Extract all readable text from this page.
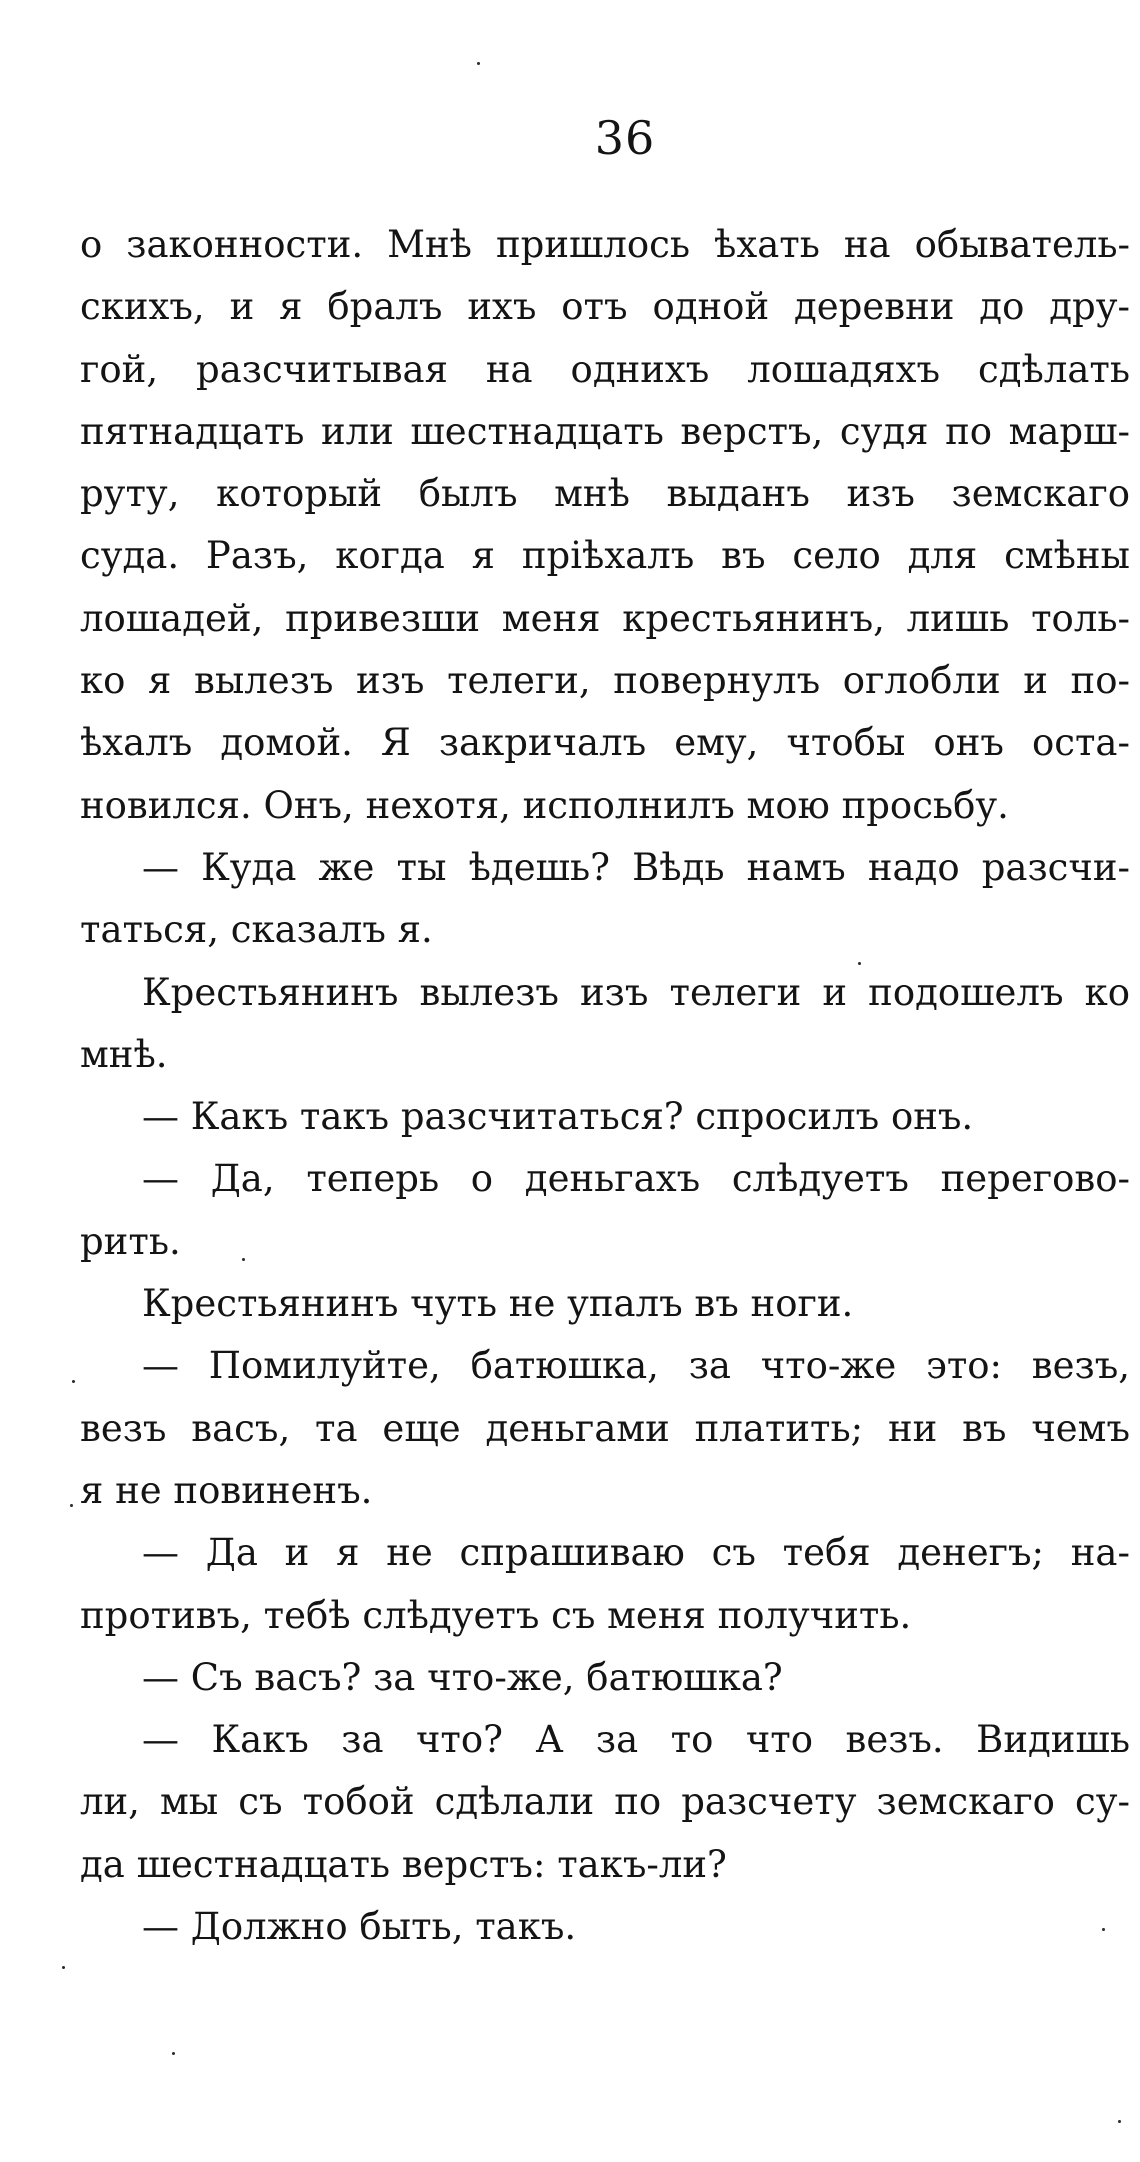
36
о законности. Мнѣ пришлось ѣхать на обыватель-
скихъ, и я бралъ ихъ отъ одной деревни до дру-
гой, разсчитывая на однихъ лошадяхъ сдѣлать
пятнадцать или шестнадцать верстъ, судя по марш-
руту, который былъ мнѣ выданъ изъ земскаго
суда. Разъ, когда я пріѣхалъ въ село для смѣны
лошадей, привезши меня крестьянинъ, лишь толь-
ко я вылезъ изъ телеги, повернулъ оглобли и по-
ѣхалъ домой. Я закричалъ ему, чтобы онъ оста-
новился. Онъ, нехотя, исполнилъ мою просьбу.
— Куда же ты ѣдешь? Вѣдь намъ надо разсчи-
таться, сказалъ я.
Крестьянинъ вылезъ изъ телеги и подошелъ ко
мнѣ.
— Какъ такъ разсчитаться? спросилъ онъ.
— Да, теперь о деньгахъ слѣдуетъ перегово-
рить.
Крестьянинъ чуть не упалъ въ ноги.
— Помилуйте, батюшка, за что-же это: везъ,
везъ васъ, та еще деньгами платить; ни въ чемъ
я не повиненъ.
— Да и я не спрашиваю съ тебя денегъ; на-
противъ, тебѣ слѣдуетъ съ меня получить.
— Съ васъ? за что-же, батюшка?
— Какъ за что? А за то что везъ. Видишь
ли, мы съ тобой сдѣлали по разсчету земскаго су-
да шестнадцать верстъ: такъ-ли?
— Должно быть, такъ.
